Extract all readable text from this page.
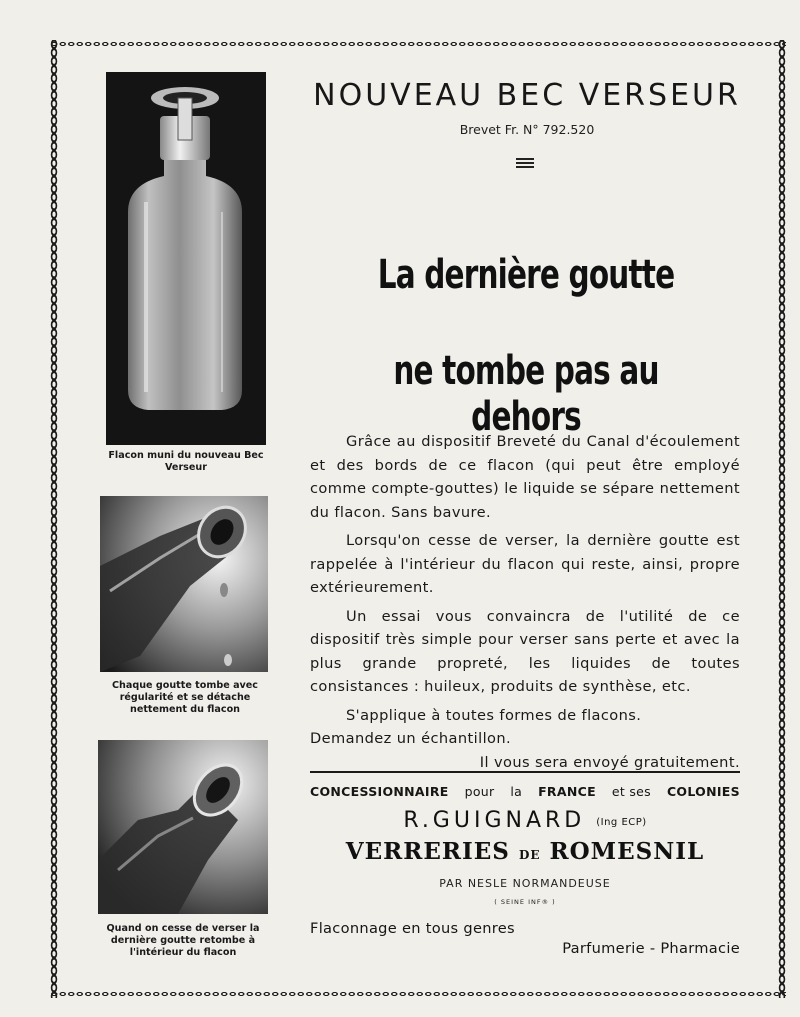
Flacon muni du nouveau Bec Verseur
Chaque goutte tombe avec régularité et se détache nettement du flacon
Quand on cesse de verser la dernière goutte retombe à l'intérieur du flacon
NOUVEAU BEC VERSEUR
Brevet Fr. N° 792.520
La dernière goutte
ne tombe pas au dehors

Grâce au dispositif Breveté du Canal d'écoulement et des bords de ce flacon (qui peut être employé comme compte-gouttes) le liquide se sépare nettement du flacon. Sans bavure.

Lorsqu'on cesse de verser, la dernière goutte est rappelée à l'intérieur du flacon qui reste, ainsi, propre extérieurement.

Un essai vous convaincra de l'utilité de ce dispositif très simple pour verser sans perte et avec la plus grande propreté, les liquides de toutes consistances : huileux, produits de synthèse, etc.

S'applique à toutes formes de flacons.

Demandez un échantillon.
Il vous sera envoyé gratuitement.
CONCESSIONNAIRE pour la FRANCE et ses COLONIES
R.GUIGNARD (Ing ECP)
VERRERIES DE ROMESNIL
PAR NESLE NORMANDEUSE
( SEINE INF® )
Flaconnage en tous genres
Parfumerie - Pharmacie
